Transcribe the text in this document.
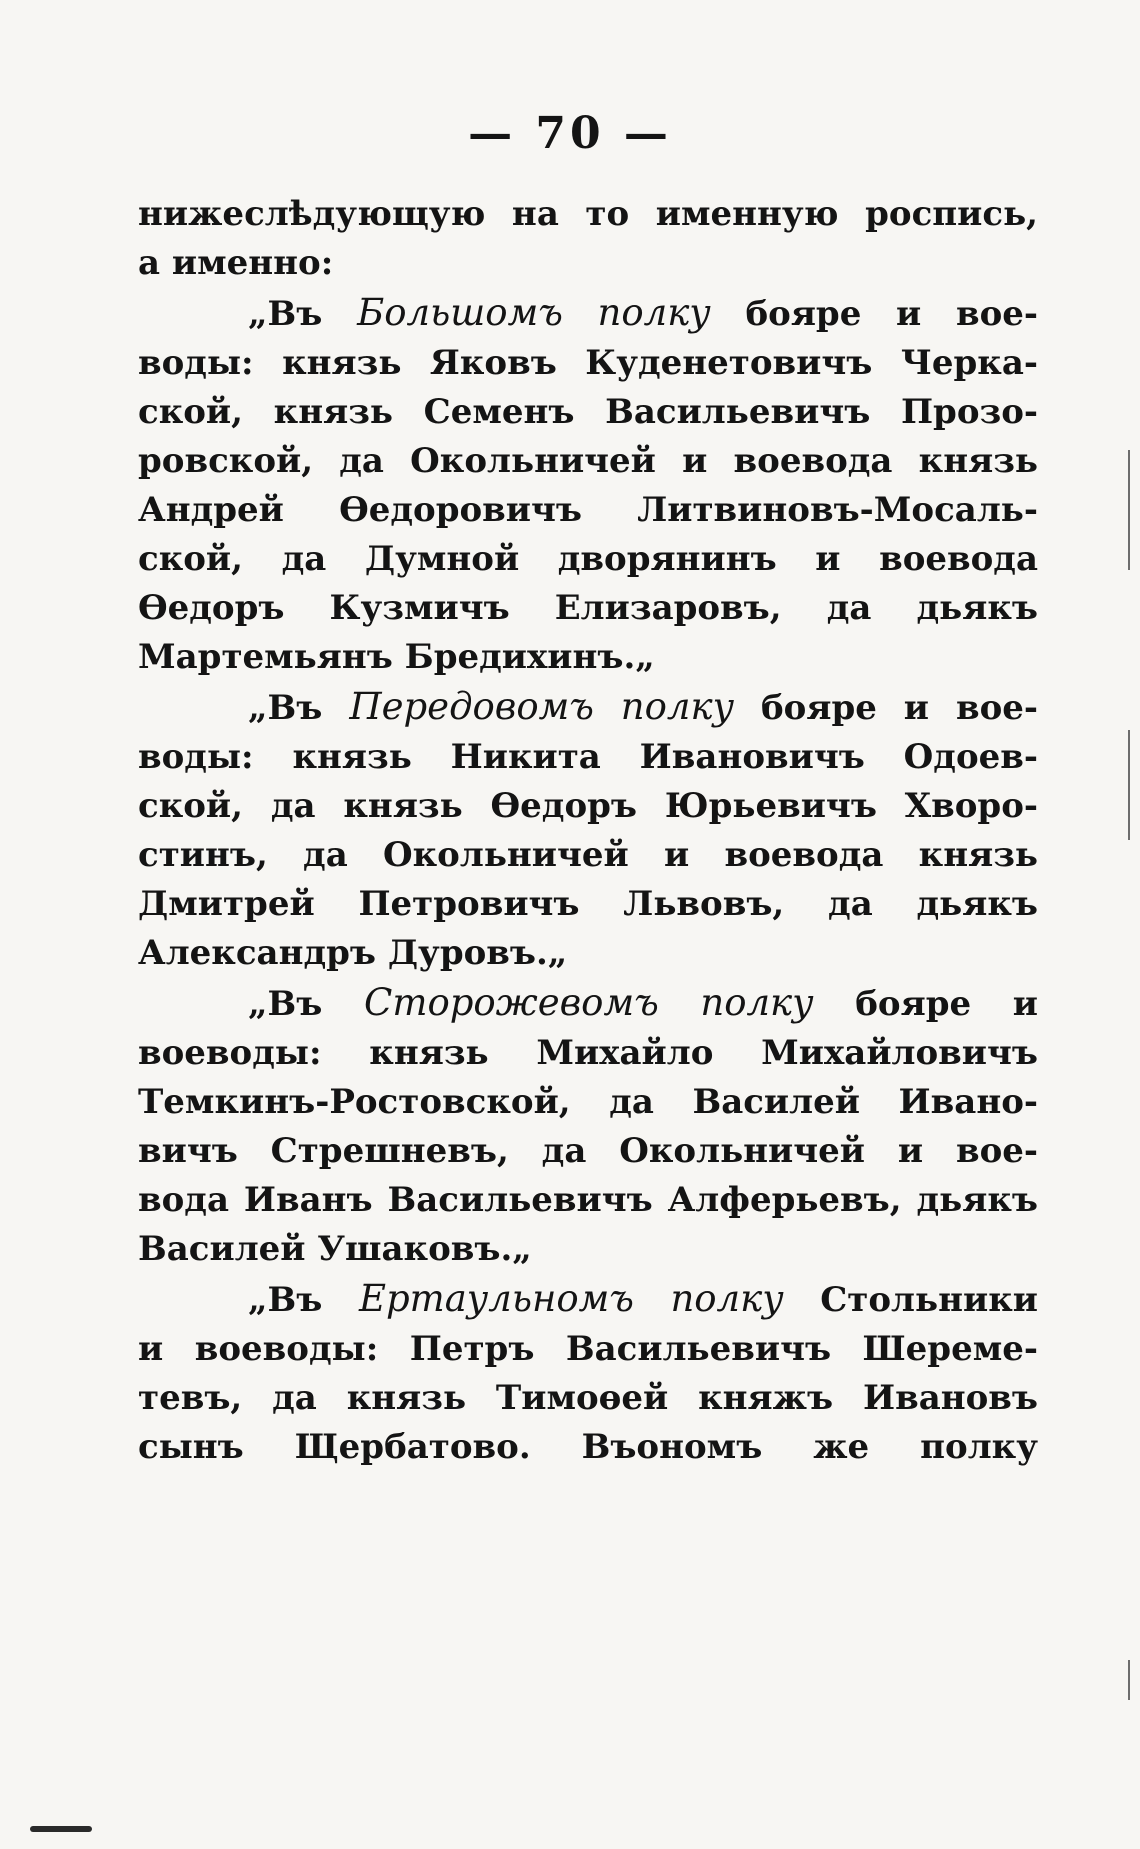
— 70 —
нижеслѣдующую на то именную роспись,
а именно:
„Въ Большомъ полку бояре и вое-
воды: князь Яковъ Куденетовичъ Черка-
ской, князь Семенъ Васильевичъ Прозо-
ровской, да Окольничей и воевода князь
Андрей Өедоровичъ Литвиновъ-Мосаль-
ской, да Думной дворянинъ и воевода
Өедоръ Кузмичъ Елизаровъ, да дьякъ
Мартемьянъ Бредихинъ.„
„Въ Передовомъ полку бояре и вое-
воды: князь Никита Ивановичъ Одоев-
ской, да князь Өедоръ Юрьевичъ Хворо-
стинъ, да Окольничей и воевода князь
Дмитрей Петровичъ Львовъ, да дьякъ
Александръ Дуровъ.„
„Въ Сторожевомъ полку бояре и
воеводы: князь Михайло Михайловичъ
Темкинъ-Ростовской, да Василей Ивано-
вичъ Стрешневъ, да Окольничей и вое-
вода Иванъ Васильевичъ Алферьевъ, дьякъ
Василей Ушаковъ.„
„Въ Ертаульномъ полку Стольники
и воеводы: Петръ Васильевичъ Шереме-
тевъ, да князь Тимоөей княжъ Ивановъ
сынъ Щербатово. Въономъ же полку
